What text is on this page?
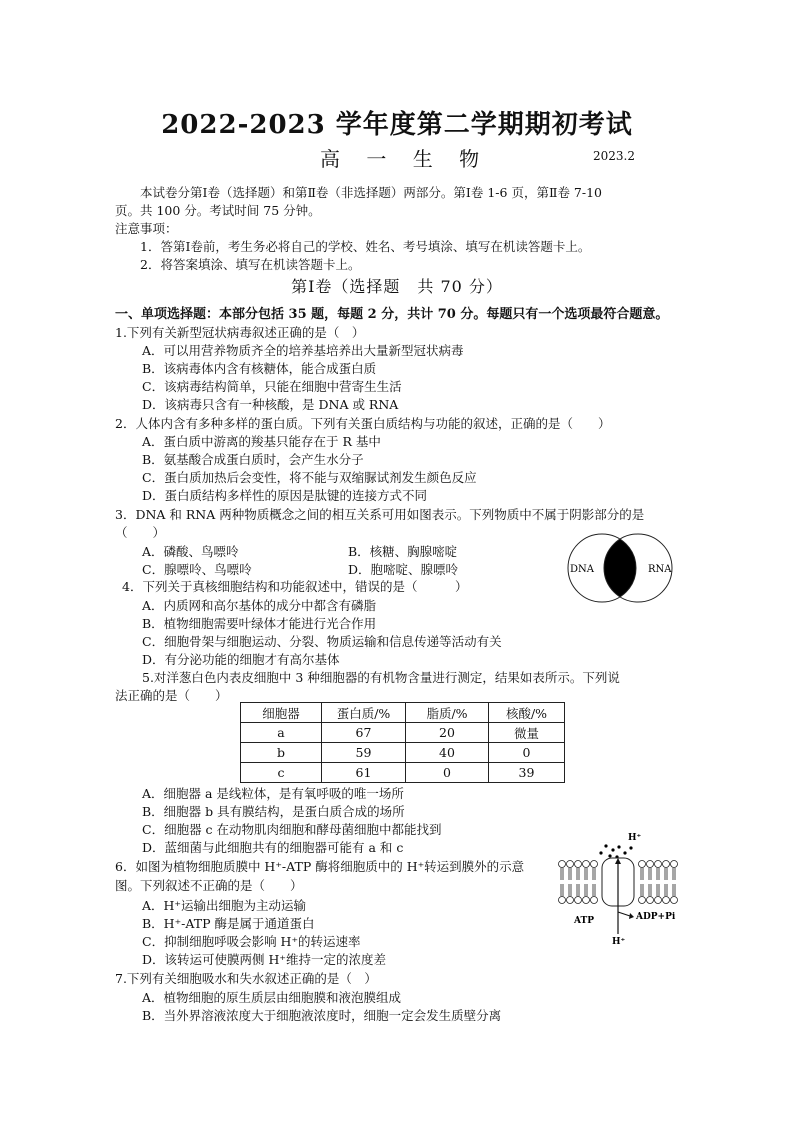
2022-2023 学年度第二学期期初考试
高 一 生 物	2023.2
本试卷分第Ⅰ卷（选择题）和第Ⅱ卷（非选择题）两部分。第Ⅰ卷 1-6 页，第Ⅱ卷 7-10
页。共 100 分。考试时间 75 分钟。
注意事项：
1．答第Ⅰ卷前，考生务必将自己的学校、姓名、考号填涂、填写在机读答题卡上。
2．将答案填涂、填写在机读答题卡上。
第Ⅰ卷（选择题　共 70 分）
一、单项选择题：本部分包括 35 题，每题 2 分，共计 70 分。每题只有一个选项最符合题意。
1.下列有关新型冠状病毒叙述正确的是（　）
A．可以用营养物质齐全的培养基培养出大量新型冠状病毒
B．该病毒体内含有核糖体，能合成蛋白质
C．该病毒结构简单，只能在细胞中营寄生生活
D．该病毒只含有一种核酸，是 DNA 或 RNA
2．人体内含有多种多样的蛋白质。下列有关蛋白质结构与功能的叙述，正确的是（　　）
A．蛋白质中游离的羧基只能存在于 R 基中
B．氨基酸合成蛋白质时，会产生水分子
C．蛋白质加热后会变性，将不能与双缩脲试剂发生颜色反应
D．蛋白质结构多样性的原因是肽键的连接方式不同
3．DNA 和 RNA 两种物质概念之间的相互关系可用如图表示。下列物质中不属于阴影部分的是
（　　）
A．磷酸、鸟嘌呤	B．核糖、胸腺嘧啶
C．腺嘌呤、鸟嘌呤	D．胞嘧啶、腺嘌呤	DNA	RNA
4．下列关于真核细胞结构和功能叙述中，错误的是（　　　）
A．内质网和高尔基体的成分中都含有磷脂
B．植物细胞需要叶绿体才能进行光合作用
C．细胞骨架与细胞运动、分裂、物质运输和信息传递等活动有关
D．有分泌功能的细胞才有高尔基体
5.对洋葱白色内表皮细胞中 3 种细胞器的有机物含量进行测定，结果如表所示。下列说
法正确的是（　　）
细胞器	蛋白质/%	脂质/%	核酸/%
a	67	20	微量
b	59	40	0
c	61	0	39
A．细胞器 a 是线粒体，是有氧呼吸的唯一场所
B．细胞器 b 具有膜结构，是蛋白质合成的场所
C．细胞器 c 在动物肌肉细胞和酵母菌细胞中都能找到
D．蓝细菌与此细胞共有的细胞器可能有 a 和 c
6．如图为植物细胞质膜中 H⁺-ATP 酶将细胞质中的 H⁺转运到膜外的示意
图。下列叙述不正确的是（　　）
A．H⁺运输出细胞为主动运输
B．H⁺-ATP 酶是属于通道蛋白
C．抑制细胞呼吸会影响 H⁺的转运速率
D．该转运可使膜两侧 H⁺维持一定的浓度差
H⁺
ATP	ADP+Pi
H⁺
7.下列有关细胞吸水和失水叙述正确的是（　）
A．植物细胞的原生质层由细胞膜和液泡膜组成
B．当外界溶液浓度大于细胞液浓度时，细胞一定会发生质壁分离
